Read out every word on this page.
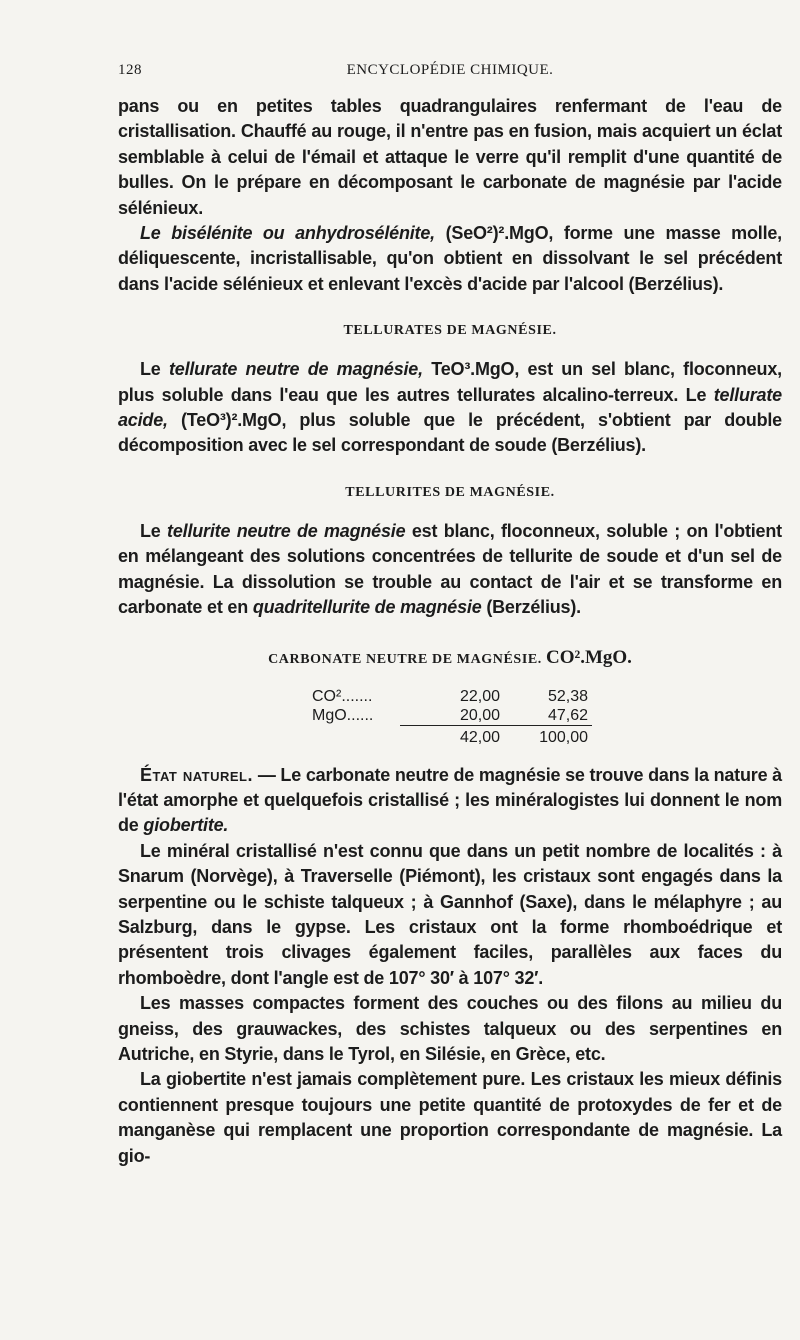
128	ENCYCLOPÉDIE CHIMIQUE.

pans ou en petites tables quadrangulaires renfermant de l'eau de cristallisation. Chauffé au rouge, il n'entre pas en fusion, mais acquiert un éclat semblable à celui de l'émail et attaque le verre qu'il remplit d'une quantité de bulles. On le prépare en décomposant le carbonate de magnésie par l'acide sélénieux.

Le bisélénite ou anhydrosélénite, (SeO²)².MgO, forme une masse molle, déliquescente, incristallisable, qu'on obtient en dissolvant le sel précédent dans l'acide sélénieux et enlevant l'excès d'acide par l'alcool (Berzélius).

TELLURATES DE MAGNÉSIE.

Le tellurate neutre de magnésie, TeO³.MgO, est un sel blanc, floconneux, plus soluble dans l'eau que les autres tellurates alcalino-terreux. Le tellurate acide, (TeO³)².MgO, plus soluble que le précédent, s'obtient par double décomposition avec le sel correspondant de soude (Berzélius).

TELLURITES DE MAGNÉSIE.

Le tellurite neutre de magnésie est blanc, floconneux, soluble ; on l'obtient en mélangeant des solutions concentrées de tellurite de soude et d'un sel de magnésie. La dissolution se trouble au contact de l'air et se transforme en carbonate et en quadritellurite de magnésie (Berzélius).

CARBONATE NEUTRE DE MAGNÉSIE. CO².MgO.
CO².......	22,00	52,38
MgO......	20,00	47,62
	42,00	100,00

État naturel. — Le carbonate neutre de magnésie se trouve dans la nature à l'état amorphe et quelquefois cristallisé ; les minéralogistes lui donnent le nom de giobertite.

Le minéral cristallisé n'est connu que dans un petit nombre de localités : à Snarum (Norvège), à Traverselle (Piémont), les cristaux sont engagés dans la serpentine ou le schiste talqueux ; à Gannhof (Saxe), dans le mélaphyre ; au Salzburg, dans le gypse. Les cristaux ont la forme rhomboédrique et présentent trois clivages également faciles, parallèles aux faces du rhomboèdre, dont l'angle est de 107° 30′ à 107° 32′.

Les masses compactes forment des couches ou des filons au milieu du gneiss, des grauwackes, des schistes talqueux ou des serpentines en Autriche, en Styrie, dans le Tyrol, en Silésie, en Grèce, etc.

La giobertite n'est jamais complètement pure. Les cristaux les mieux définis contiennent presque toujours une petite quantité de protoxydes de fer et de manganèse qui remplacent une proportion correspondante de magnésie. La gio-
